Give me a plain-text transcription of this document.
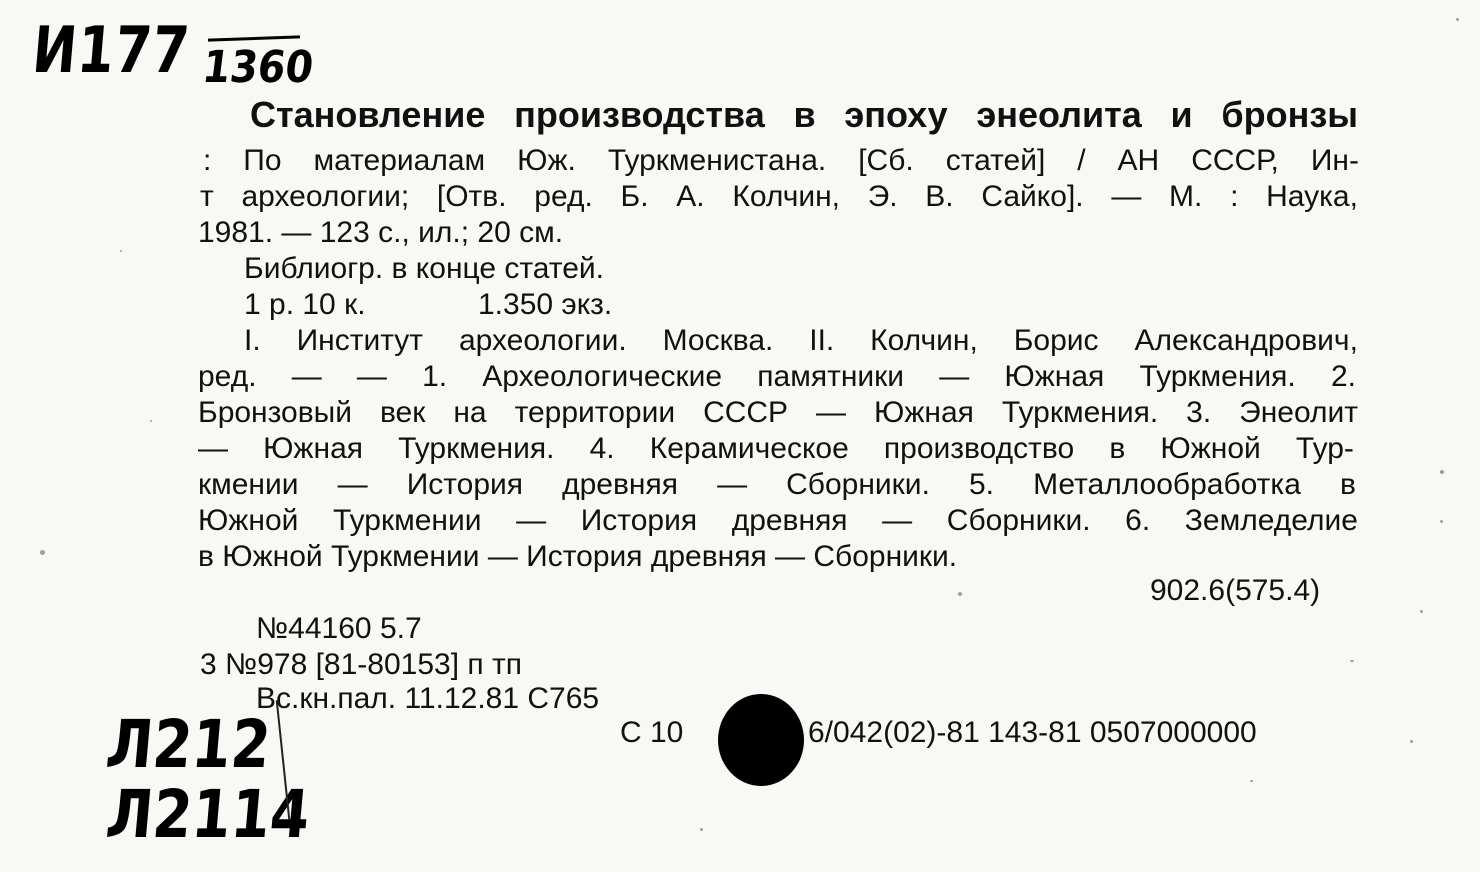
И177 1360
Л212
Л2114
Становление производства в эпоху энеолита и бронзы
: По материалам Юж. Туркменистана. [Сб. статей] / АН СССР, Ин-
т археологии; [Отв. ред. Б. А. Колчин, Э. В. Сайко]. — М. : Наука,
1981. — 123 с., ил.; 20 см.
Библиогр. в конце статей.
1 р. 10 к.	1.350 экз.
I. Институт археологии. Москва. II. Колчин, Борис Александрович,
ред. — — 1. Археологические памятники — Южная Туркмения. 2.
Бронзовый век на территории СССР — Южная Туркмения. 3. Энеолит
— Южная Туркмения. 4. Керамическое производство в Южной Тур-
кмении — История древняя — Сборники. 5. Металлообработка в
Южной Туркмении — История древняя — Сборники. 6. Земледелие
в Южной Туркмении — История древняя — Сборники.
902.6(575.4)
№44160 5.7
3 №978 [81-80153] п тп
Вс.кн.пал. 11.12.81 С765
С 10	6/042(02)-81 143-81 0507000000
